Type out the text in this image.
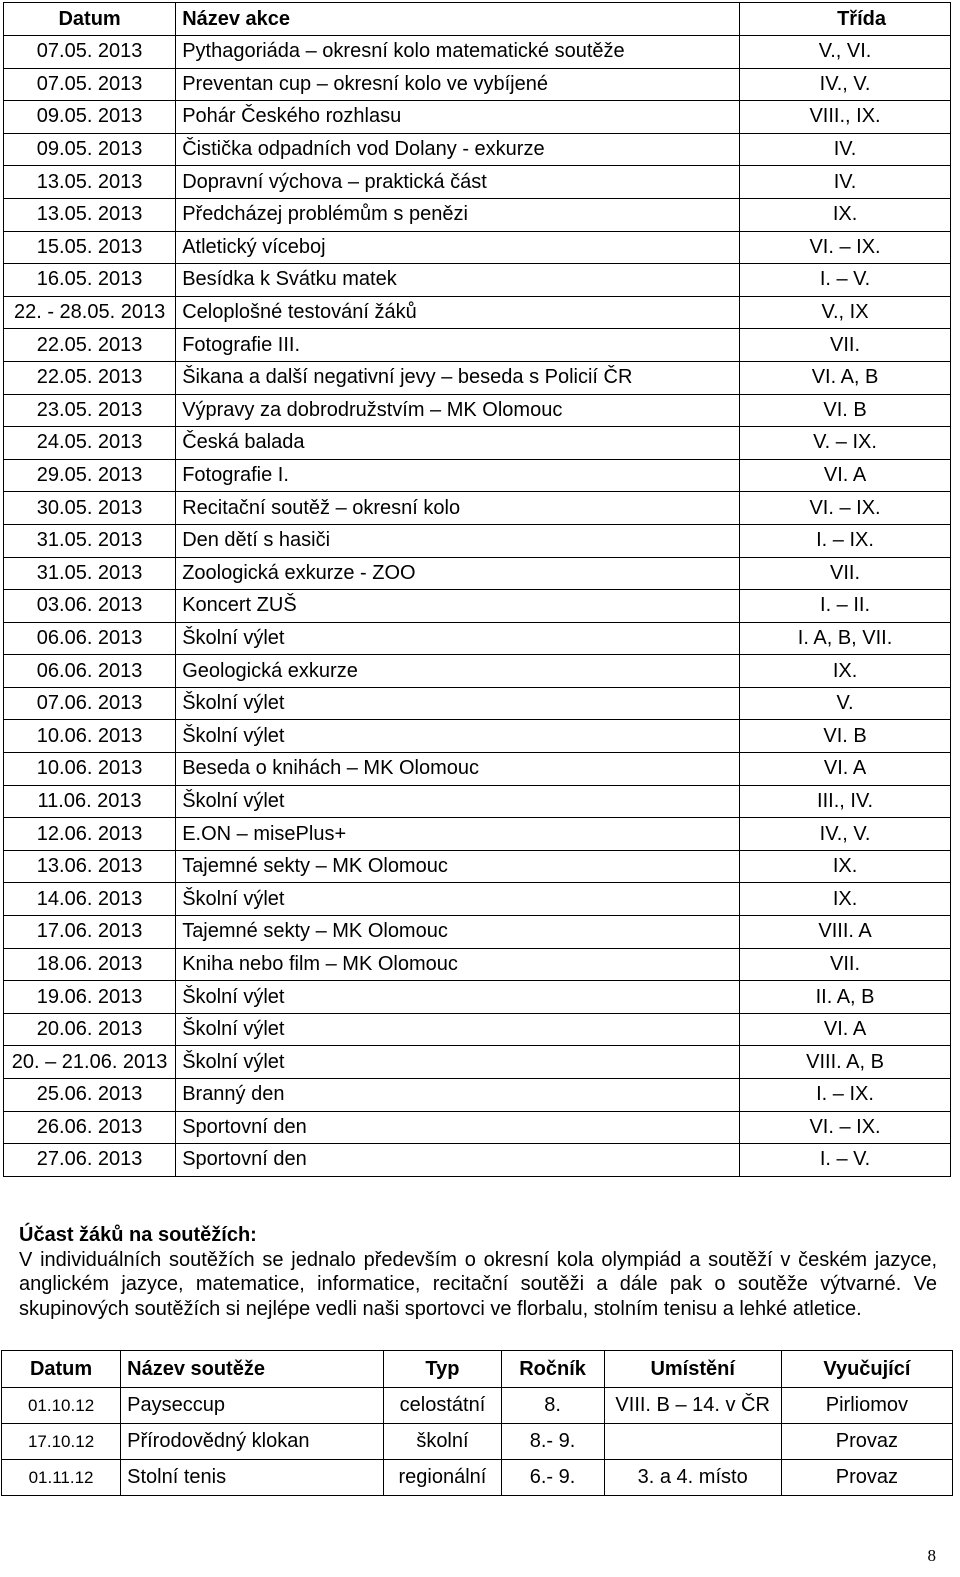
Datum	Název akce	Třída
07.05. 2013	Pythagoriáda – okresní kolo matematické soutěže	V., VI.
07.05. 2013	Preventan cup – okresní kolo ve vybíjené	IV., V.
09.05. 2013	Pohár Českého rozhlasu	VIII., IX.
09.05. 2013	Čistička odpadních vod Dolany - exkurze	IV.
13.05. 2013	Dopravní výchova – praktická část	IV.
13.05. 2013	Předcházej problémům s penězi	IX.
15.05. 2013	Atletický víceboj	VI. – IX.
16.05. 2013	Besídka k Svátku matek	I. – V.
22. - 28.05. 2013	Celoplošné testování žáků	V., IX
22.05. 2013	Fotografie III.	VII.
22.05. 2013	Šikana a další negativní jevy – beseda s Policií ČR	VI. A, B
23.05. 2013	Výpravy za dobrodružstvím – MK Olomouc	VI. B
24.05. 2013	Česká balada	V. – IX.
29.05. 2013	Fotografie I.	VI. A
30.05. 2013	Recitační soutěž – okresní kolo	VI. – IX.
31.05. 2013	Den dětí s hasiči	I. – IX.
31.05. 2013	Zoologická exkurze - ZOO	VII.
03.06. 2013	Koncert ZUŠ	I. – II.
06.06. 2013	Školní výlet	I. A, B, VII.
06.06. 2013	Geologická exkurze	IX.
07.06. 2013	Školní výlet	V.
10.06. 2013	Školní výlet	VI. B
10.06. 2013	Beseda o knihách – MK Olomouc	VI. A
11.06. 2013	Školní výlet	III., IV.
12.06. 2013	E.ON – misePlus+	IV., V.
13.06. 2013	Tajemné sekty – MK Olomouc	IX.
14.06. 2013	Školní výlet	IX.
17.06. 2013	Tajemné sekty – MK Olomouc	VIII. A
18.06. 2013	Kniha nebo film – MK Olomouc	VII.
19.06. 2013	Školní výlet	II. A, B
20.06. 2013	Školní výlet	VI. A
20. – 21.06. 2013	Školní výlet	VIII. A, B
25.06. 2013	Branný den	I. – IX.
26.06. 2013	Sportovní den	VI. – IX.
27.06. 2013	Sportovní den	I. – V.

Účast žáků na soutěžích:

V individuálních soutěžích se jednalo především o okresní kola olympiád a soutěží v českém jazyce, anglickém jazyce, matematice, informatice, recitační soutěži a dále pak o soutěže výtvarné. Ve skupinových soutěžích si nejlépe vedli naši sportovci ve florbalu, stolním tenisu a lehké atletice.

Datum	Název soutěže	Typ	Ročník	Umístění	Vyučující
01.10.12	Payseccup	celostátní	8.	VIII. B – 14. v ČR	Pirliomov
17.10.12	Přírodovědný klokan	školní	8.- 9.		Provaz
01.11.12	Stolní tenis	regionální	6.- 9.	3. a 4. místo	Provaz
8
